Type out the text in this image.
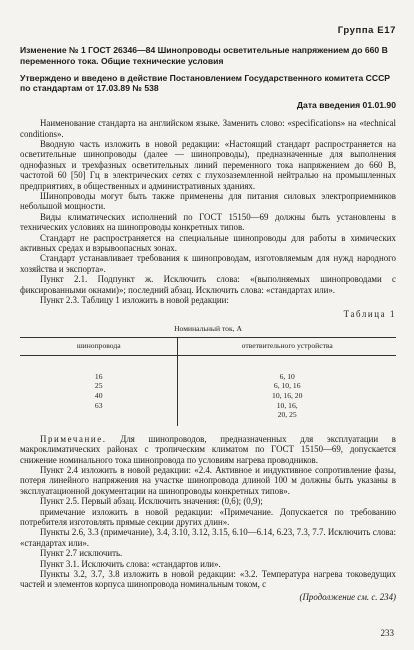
Группа Е17
Изменение № 1 ГОСТ 26346—84 Шинопроводы осветительные напряжением до 660 В переменного тока. Общие технические условия
Утверждено и введено в действие Постановлением Государственного комитета СССР по стандартам от 17.03.89 № 538
Дата введения 01.01.90

Наименование стандарта на английском языке. Заменить слово: «specifications» на «technical conditions».

Вводную часть изложить в новой редакции: «Настоящий стандарт распространяется на осветительные шинопроводы (далее — шинопроводы), предназначенные для выполнения однофазных и трехфазных осветительных линий переменного тока напряжением до 660 В, частотой 60 [50] Гц в электрических сетях с глухозаземленной нейтралью на промышленных предприятиях, в общественных и административных зданиях.

Шинопроводы могут быть также применены для питания силовых электроприемников небольшой мощности.

Виды климатических исполнений по ГОСТ 15150—69 должны быть установлены в технических условиях на шинопроводы конкретных типов.

Стандарт не распространяется на специальные шинопроводы для работы в химических активных средах и взрывоопасных зонах.

Стандарт устанавливает требования к шинопроводам, изготовляемым для нужд народного хозяйства и экспорта».

Пункт 2.1. Подпункт ж. Исключить слова: «(выполняемых шинопроводами с фиксированными окнами)»; последний абзац. Исключить слова: «стандартах или».

Пункт 2.3. Таблицу 1 изложить в новой редакции:

Таблица 1
Номинальный ток, А	
шинопровода	ответвительного устройства
16	6, 10
25	6, 10, 16
40	10, 16, 20
63	10, 16,
	20, 25

Примечание. Для шинопроводов, предназначенных для эксплуатации в макроклиматических районах с тропическим климатом по ГОСТ 15150—69, допускается снижение номинального тока шинопровода по условиям нагрева проводников.

Пункт 2.4 изложить в новой редакции: «2.4. Активное и индуктивное сопротивление фазы, потеря линейного напряжения на участке шинопровода длиной 100 м должны быть указаны в эксплуатационной документации на шинопроводы конкретных типов».

Пункт 2.5. Первый абзац. Исключить значения: (0,6); (0,9);

примечание изложить в новой редакции: «Примечание. Допускается по требованию потребителя изготовлять прямые секции других длин».

Пункты 2.6, 3.3 (примечание), 3.4, 3.10, 3.12, 3.15, 6.10—6.14, 6.23, 7.3, 7.7. Исключить слова: «стандартах или».

Пункт 2.7 исключить.

Пункт 3.1. Исключить слова: «стандартов или».

Пункты 3.2, 3.7, 3.8 изложить в новой редакции: «3.2. Температура нагрева токоведущих частей и элементов корпуса шинопровода номинальным током, с

(Продолжение см. с. 234)
233
